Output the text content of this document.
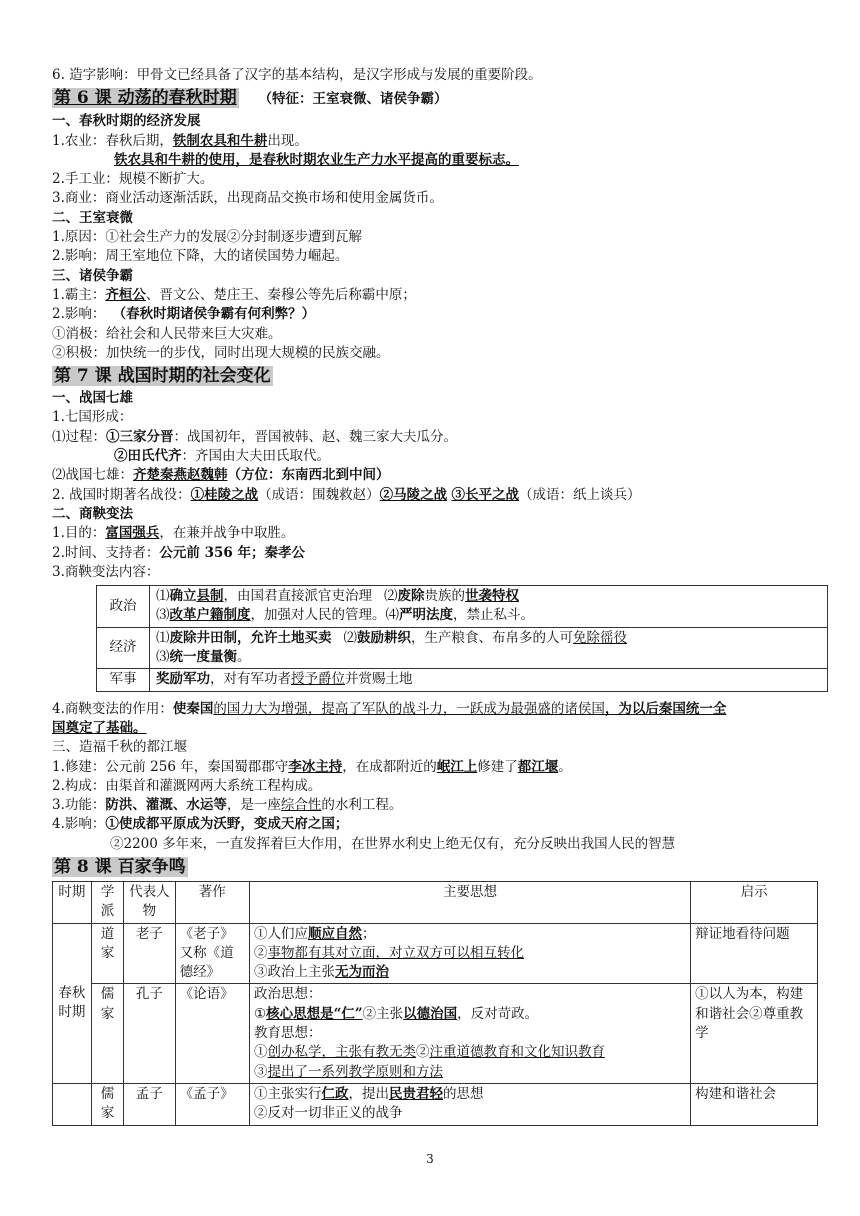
6. 造字影响：甲骨文已经具备了汉字的基本结构，是汉字形成与发展的重要阶段。
第 6 课 动荡的春秋时期 （特征：王室衰微、诸侯争霸）
一、春秋时期的经济发展
1.农业：春秋后期，铁制农具和牛耕出现。
铁农具和牛耕的使用，是春秋时期农业生产力水平提高的重要标志。
2.手工业：规模不断扩大。
3.商业：商业活动逐渐活跃，出现商品交换市场和使用金属货币。
二、王室衰微
1.原因：①社会生产力的发展②分封制逐步遭到瓦解
2.影响：周王室地位下降，大的诸侯国势力崛起。
三、诸侯争霸
1.霸主：齐桓公、晋文公、楚庄王、秦穆公等先后称霸中原；
2.影响： （春秋时期诸侯争霸有何利弊？）
①消极：给社会和人民带来巨大灾难。
②积极：加快统一的步伐，同时出现大规模的民族交融。
第 7 课 战国时期的社会变化
一、战国七雄
1.七国形成：
⑴过程：①三家分晋：战国初年，晋国被韩、赵、魏三家大夫瓜分。
②田氏代齐：齐国由大夫田氏取代。
⑵战国七雄：齐楚秦燕赵魏韩（方位：东南西北到中间）
2. 战国时期著名战役：①桂陵之战（成语：围魏救赵）②马陵之战 ③长平之战（成语：纸上谈兵）
二、商鞅变法
1.目的：富国强兵，在兼并战争中取胜。
2.时间、支持者：公元前 356 年；秦孝公
3.商鞅变法内容：
政治	⑴确立县制，由国君直接派官吏治理 ⑵废除贵族的世袭特权
⑶改革户籍制度，加强对人民的管理。⑷严明法度，禁止私斗。

经济	⑴废除井田制，允许土地买卖 ⑵鼓励耕织，生产粮食、布帛多的人可免除徭役
⑶统一度量衡。

军事	奖励军功，对有军功者授予爵位并赏赐土地
4.商鞅变法的作用：使秦国的国力大为增强，提高了军队的战斗力，一跃成为最强盛的诸侯国，为以后秦国统一全
国奠定了基础。
三、造福千秋的都江堰
1.修建：公元前 256 年，秦国蜀郡郡守李冰主持，在成都附近的岷江上修建了都江堰。
2.构成：由渠首和灌溉网两大系统工程构成。
3.功能：防洪、灌溉、水运等，是一座综合性的水利工程。
4.影响：①使成都平原成为沃野，变成天府之国；
②2200 多年来，一直发挥着巨大作用，在世界水利史上绝无仅有，充分反映出我国人民的智慧
第 8 课 百家争鸣
时期	学派	代表人物	著作	主要思想	启示
春秋时期	道家	老子	《老子》又称《道德经》	①人们应顺应自然；
②事物都有其对立面，对立双方可以相互转化
③政治上主张无为而治	辩证地看待问题
	儒家	孔子	《论语》	政治思想：
①核心思想是“仁”②主张以德治国，反对苛政。
教育思想：
①创办私学，主张有教无类②注重道德教育和文化知识教育
③提出了一系列教学原则和方法	①以人为本，构建和谐社会②尊重教学
	儒家	孟子	《孟子》	①主张实行仁政，提出民贵君轻的思想
②反对一切非正义的战争	构建和谐社会
3
